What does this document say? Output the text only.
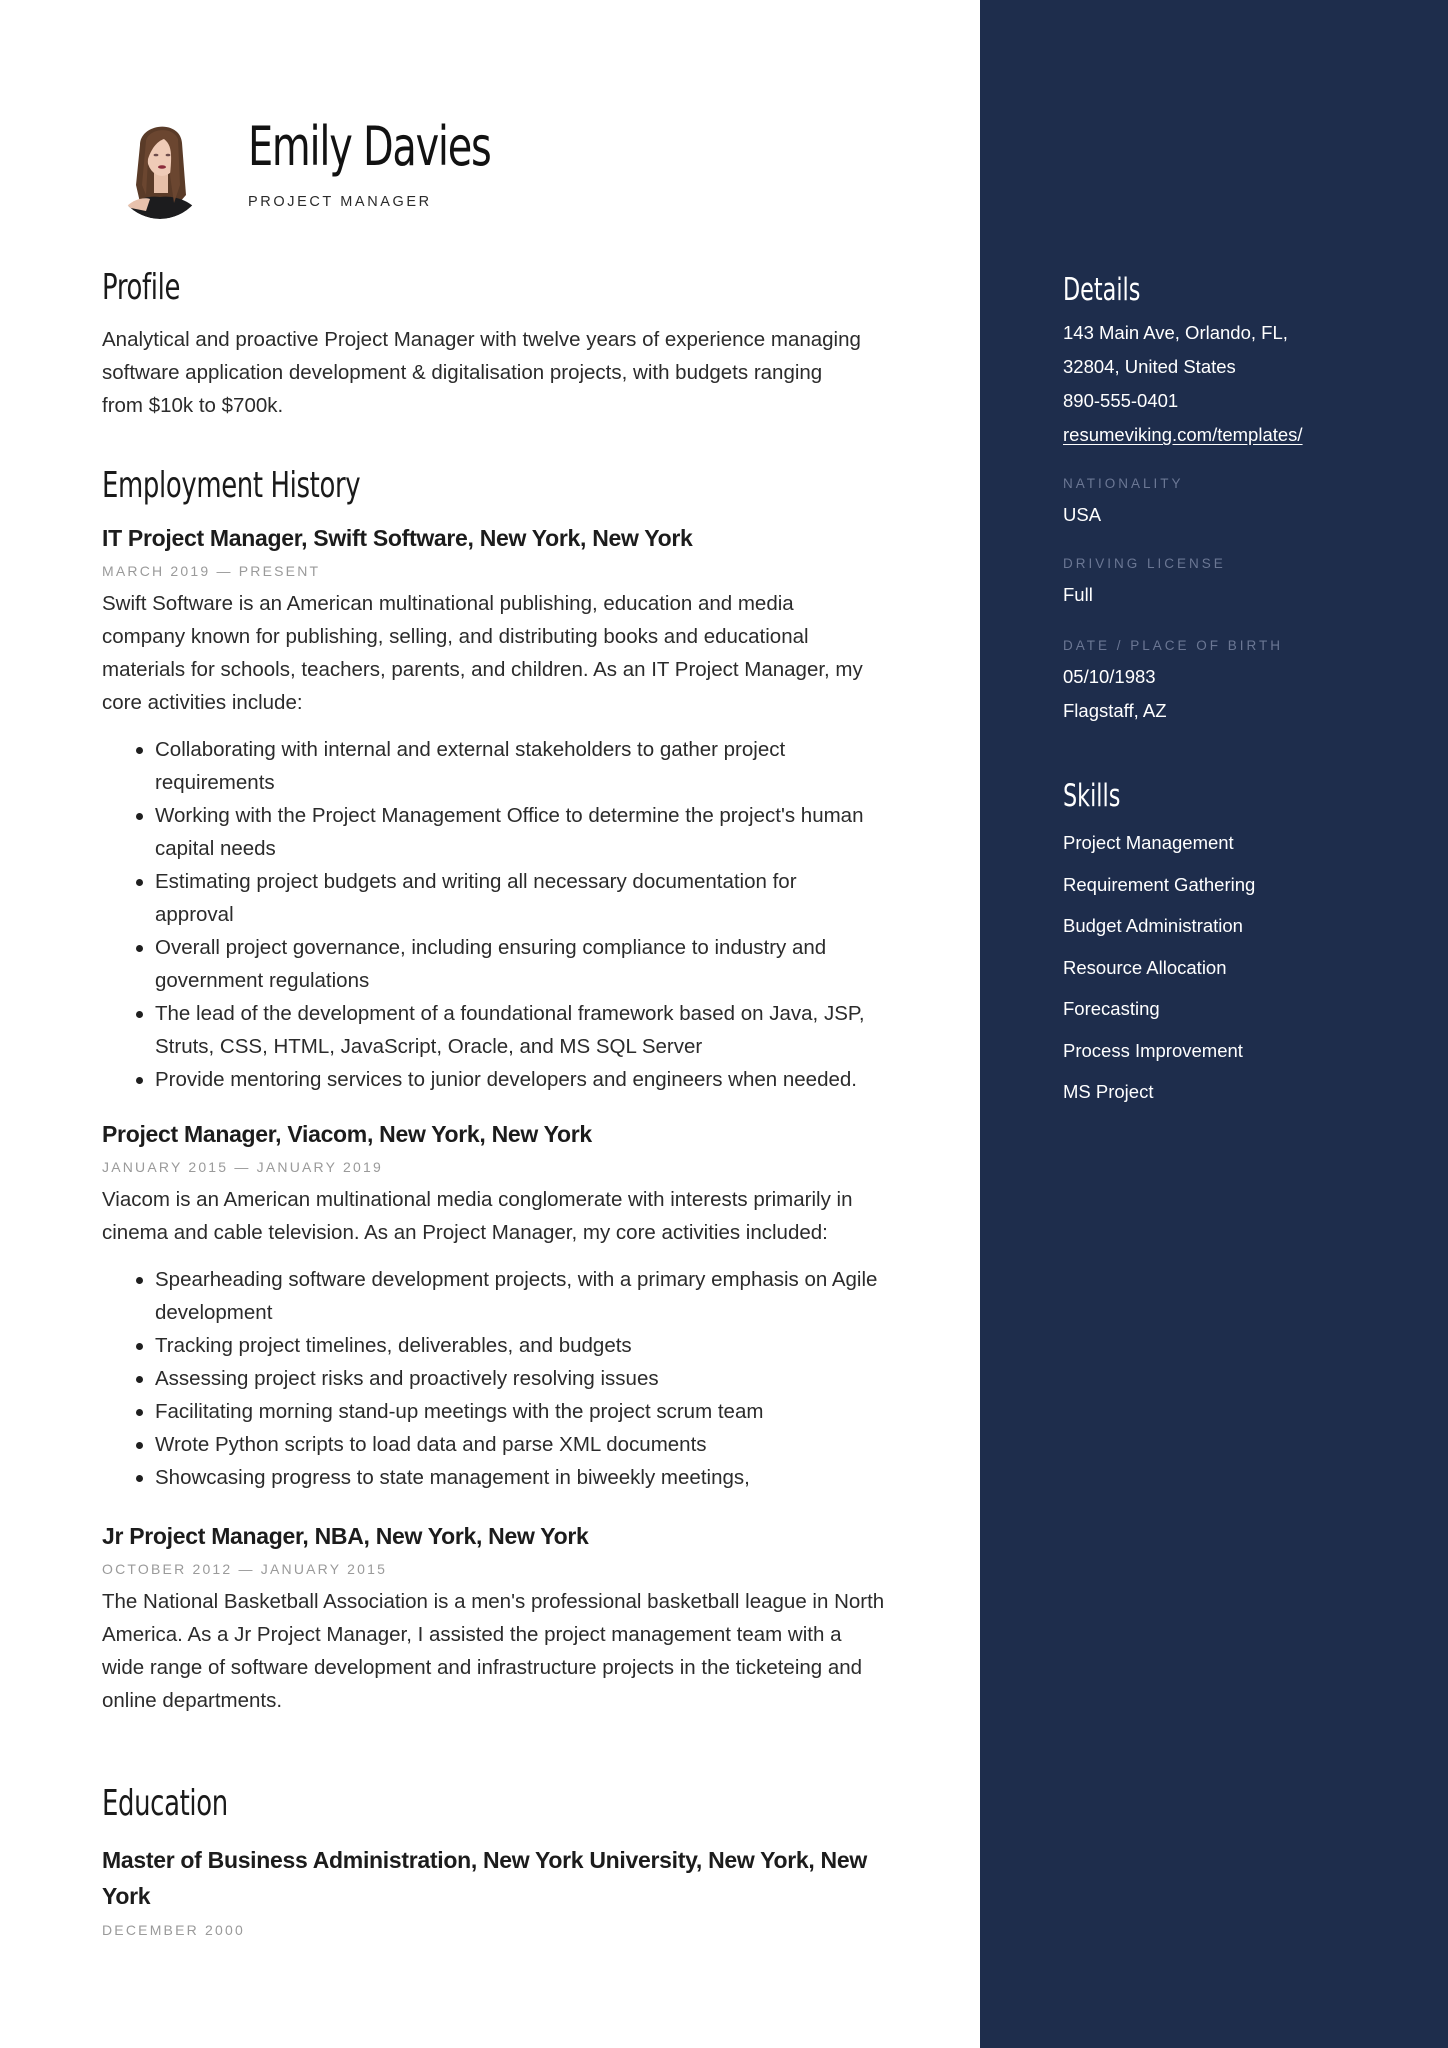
Emily Davies
PROJECT MANAGER
Profile
Analytical and proactive Project Manager with twelve years of experience managing
software application development & digitalisation projects, with budgets ranging
from $10k to $700k.
Employment History
IT Project Manager, Swift Software, New York, New York
MARCH 2019 — PRESENT
Swift Software is an American multinational publishing, education and media
company known for publishing, selling, and distributing books and educational
materials for schools, teachers, parents, and children. As an IT Project Manager, my
core activities include:
Collaborating with internal and external stakeholders to gather project
requirements
Working with the Project Management Office to determine the project's human
capital needs
Estimating project budgets and writing all necessary documentation for
approval
Overall project governance, including ensuring compliance to industry and
government regulations
The lead of the development of a foundational framework based on Java, JSP,
Struts, CSS, HTML, JavaScript, Oracle, and MS SQL Server
Provide mentoring services to junior developers and engineers when needed.
Project Manager, Viacom, New York, New York
JANUARY 2015 — JANUARY 2019
Viacom is an American multinational media conglomerate with interests primarily in
cinema and cable television. As an Project Manager, my core activities included:
Spearheading software development projects, with a primary emphasis on Agile
development
Tracking project timelines, deliverables, and budgets
Assessing project risks and proactively resolving issues
Facilitating morning stand-up meetings with the project scrum team
Wrote Python scripts to load data and parse XML documents
Showcasing progress to state management in biweekly meetings,
Jr Project Manager, NBA, New York, New York
OCTOBER 2012 — JANUARY 2015
The National Basketball Association is a men's professional basketball league in North
America. As a Jr Project Manager, I assisted the project management team with a
wide range of software development and infrastructure projects in the ticketeing and
online departments.
Education
Master of Business Administration, New York University, New York, New
York
DECEMBER 2000
Details
143 Main Ave, Orlando, FL,
32804, United States
890-555-0401
resumeviking.com/templates/
NATIONALITY
USA
DRIVING LICENSE
Full
DATE / PLACE OF BIRTH
05/10/1983
Flagstaff, AZ
Skills
Project Management
Requirement Gathering
Budget Administration
Resource Allocation
Forecasting
Process Improvement
MS Project
